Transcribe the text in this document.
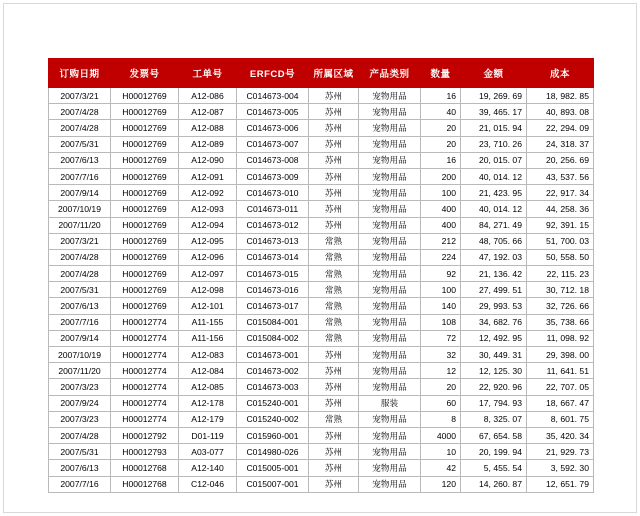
订购日期	发票号	工单号	ERFCD号	所属区域	产品类别	数量	金额	成本
2007/3/21	H00012769	A12-086	C014673-004	苏州	宠物用品	16	19, 269. 69	18, 982. 85
2007/4/28	H00012769	A12-087	C014673-005	苏州	宠物用品	40	39, 465. 17	40, 893. 08
2007/4/28	H00012769	A12-088	C014673-006	苏州	宠物用品	20	21, 015. 94	22, 294. 09
2007/5/31	H00012769	A12-089	C014673-007	苏州	宠物用品	20	23, 710. 26	24, 318. 37
2007/6/13	H00012769	A12-090	C014673-008	苏州	宠物用品	16	20, 015. 07	20, 256. 69
2007/7/16	H00012769	A12-091	C014673-009	苏州	宠物用品	200	40, 014. 12	43, 537. 56
2007/9/14	H00012769	A12-092	C014673-010	苏州	宠物用品	100	21, 423. 95	22, 917. 34
2007/10/19	H00012769	A12-093	C014673-011	苏州	宠物用品	400	40, 014. 12	44, 258. 36
2007/11/20	H00012769	A12-094	C014673-012	苏州	宠物用品	400	84, 271. 49	92, 391. 15
2007/3/21	H00012769	A12-095	C014673-013	常熟	宠物用品	212	48, 705. 66	51, 700. 03
2007/4/28	H00012769	A12-096	C014673-014	常熟	宠物用品	224	47, 192. 03	50, 558. 50
2007/4/28	H00012769	A12-097	C014673-015	常熟	宠物用品	92	21, 136. 42	22, 115. 23
2007/5/31	H00012769	A12-098	C014673-016	常熟	宠物用品	100	27, 499. 51	30, 712. 18
2007/6/13	H00012769	A12-101	C014673-017	常熟	宠物用品	140	29, 993. 53	32, 726. 66
2007/7/16	H00012774	A11-155	C015084-001	常熟	宠物用品	108	34, 682. 76	35, 738. 66
2007/9/14	H00012774	A11-156	C015084-002	常熟	宠物用品	72	12, 492. 95	11, 098. 92
2007/10/19	H00012774	A12-083	C014673-001	苏州	宠物用品	32	30, 449. 31	29, 398. 00
2007/11/20	H00012774	A12-084	C014673-002	苏州	宠物用品	12	12, 125. 30	11, 641. 51
2007/3/23	H00012774	A12-085	C014673-003	苏州	宠物用品	20	22, 920. 96	22, 707. 05
2007/9/24	H00012774	A12-178	C015240-001	苏州	服装	60	17, 794. 93	18, 667. 47
2007/3/23	H00012774	A12-179	C015240-002	常熟	宠物用品	8	8, 325. 07	8, 601. 75
2007/4/28	H00012792	D01-119	C015960-001	苏州	宠物用品	4000	67, 654. 58	35, 420. 34
2007/5/31	H00012793	A03-077	C014980-026	苏州	宠物用品	10	20, 199. 94	21, 929. 73
2007/6/13	H00012768	A12-140	C015005-001	苏州	宠物用品	42	5, 455. 54	3, 592. 30
2007/7/16	H00012768	C12-046	C015007-001	苏州	宠物用品	120	14, 260. 87	12, 651. 79
